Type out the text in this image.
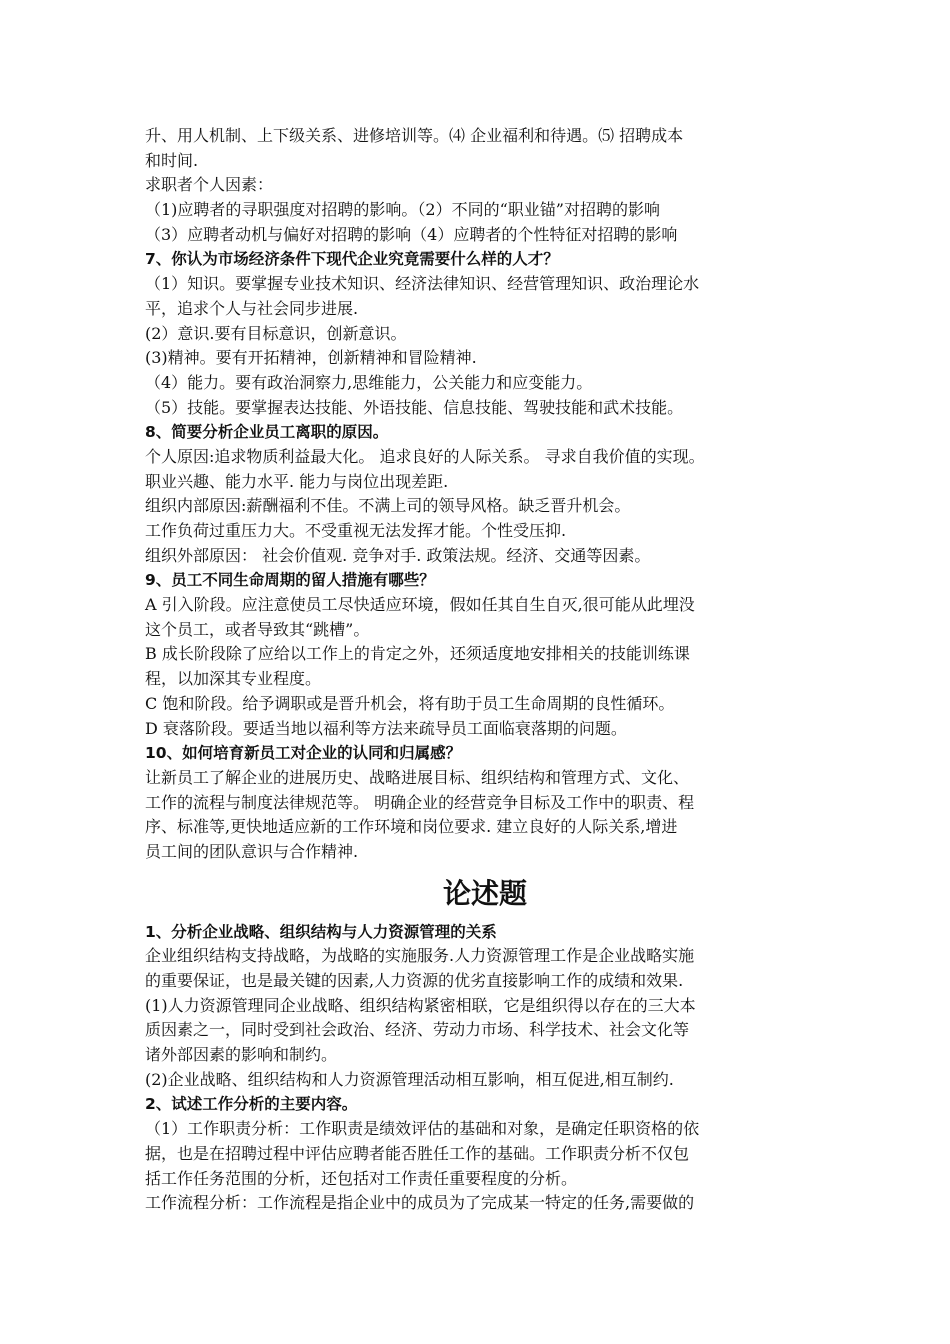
升、用人机制、上下级关系、进修培训等。⑷ 企业福利和待遇。⑸ 招聘成本
和时间.
求职者个人因素：
（1)应聘者的寻职强度对招聘的影响。（2）不同的“职业锚”对招聘的影响
（3）应聘者动机与偏好对招聘的影响（4）应聘者的个性特征对招聘的影响
7、你认为市场经济条件下现代企业究竟需要什么样的人才？
（1）知识。要掌握专业技术知识、经济法律知识、经营管理知识、政治理论水
平，追求个人与社会同步进展.
(2）意识.要有目标意识，创新意识。
(3)精神。要有开拓精神，创新精神和冒险精神.
（4）能力。要有政治洞察力,思维能力，公关能力和应变能力。
（5）技能。要掌握表达技能、外语技能、信息技能、驾驶技能和武术技能。
8、简要分析企业员工离职的原因。
个人原因:追求物质利益最大化。 追求良好的人际关系。 寻求自我价值的实现。
职业兴趣、能力水平. 能力与岗位出现差距.
组织内部原因:薪酬福利不佳。不满上司的领导风格。缺乏晋升机会。
工作负荷过重压力大。不受重视无法发挥才能。个性受压抑.
组织外部原因： 社会价值观. 竞争对手. 政策法规。经济、交通等因素。
9、员工不同生命周期的留人措施有哪些？
A 引入阶段。应注意使员工尽快适应环境，假如任其自生自灭,很可能从此埋没
这个员工，或者导致其“跳槽”。
B 成长阶段除了应给以工作上的肯定之外，还须适度地安排相关的技能训练课
程，以加深其专业程度。
C 饱和阶段。给予调职或是晋升机会，将有助于员工生命周期的良性循环。
D 衰落阶段。要适当地以福利等方法来疏导员工面临衰落期的问题。
10、如何培育新员工对企业的认同和归属感？
让新员工了解企业的进展历史、战略进展目标、组织结构和管理方式、文化、
工作的流程与制度法律规范等。 明确企业的经营竞争目标及工作中的职责、程
序、标准等,更快地适应新的工作环境和岗位要求. 建立良好的人际关系,增进
员工间的团队意识与合作精神.
论述题
1、分析企业战略、组织结构与人力资源管理的关系
企业组织结构支持战略，为战略的实施服务.人力资源管理工作是企业战略实施
的重要保证，也是最关键的因素,人力资源的优劣直接影响工作的成绩和效果.
(1)人力资源管理同企业战略、组织结构紧密相联，它是组织得以存在的三大本
质因素之一，同时受到社会政治、经济、劳动力市场、科学技术、社会文化等
诸外部因素的影响和制约。
(2)企业战略、组织结构和人力资源管理活动相互影响，相互促进,相互制约.
2、试述工作分析的主要内容。
（1）工作职责分析：工作职责是绩效评估的基础和对象，是确定任职资格的依
据，也是在招聘过程中评估应聘者能否胜任工作的基础。工作职责分析不仅包
括工作任务范围的分析，还包括对工作责任重要程度的分析。
工作流程分析：工作流程是指企业中的成员为了完成某一特定的任务,需要做的
